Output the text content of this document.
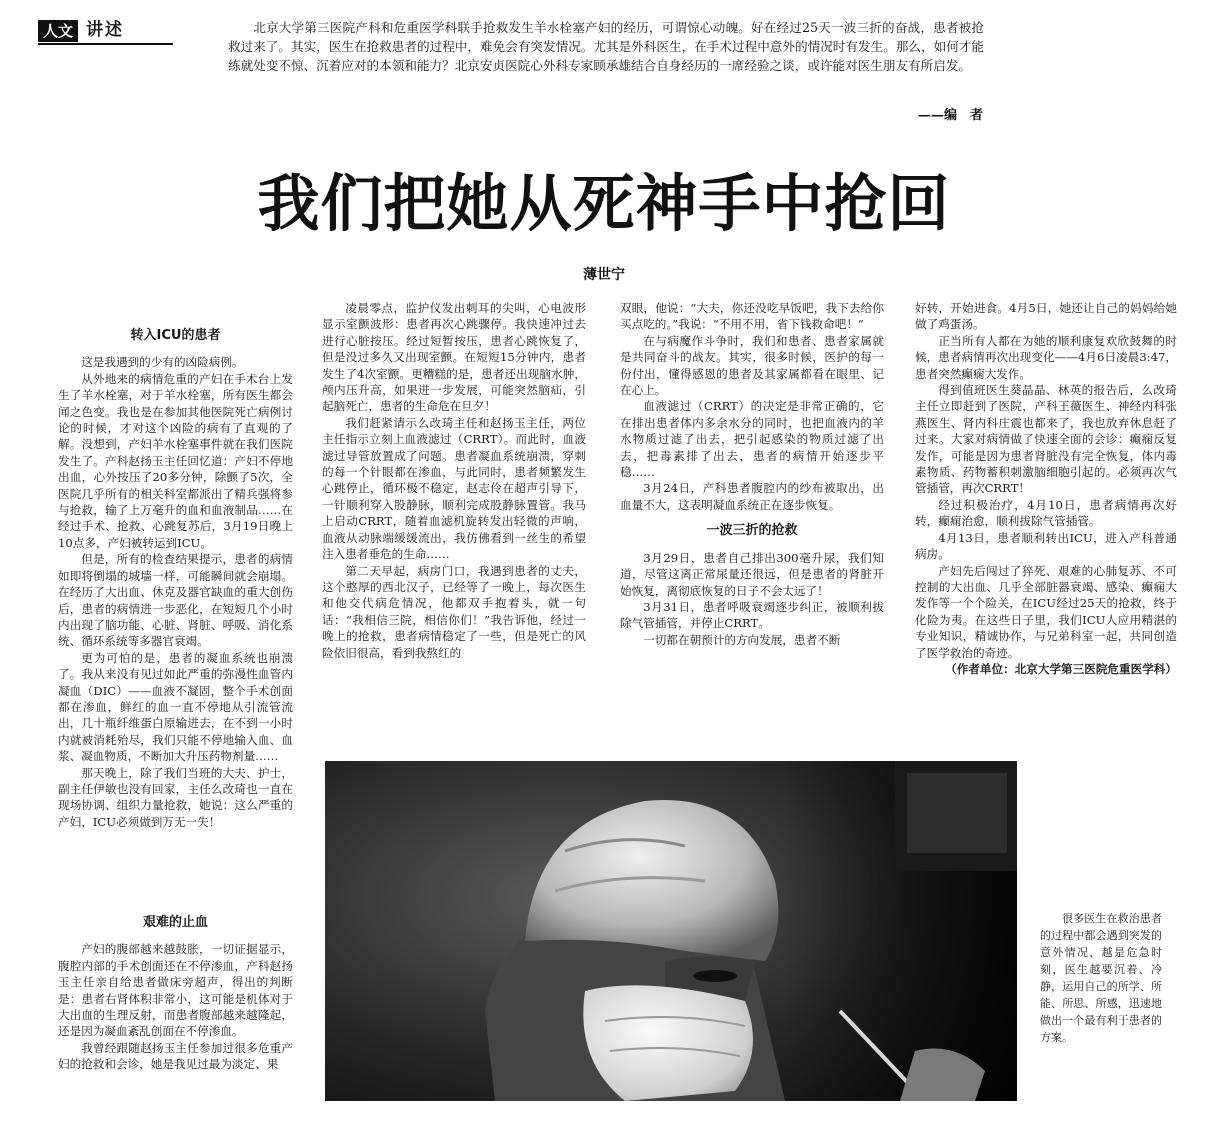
人文 讲述	北京大学第三医院产科和危重医学科联手抢救发生羊水栓塞产妇的经历，可谓惊心动魄。好在经过25天一波三折的奋战，患者被抢救过来了。其实，医生在抢救患者的过程中，难免会有突发情况。尤其是外科医生，在手术过程中意外的情况时有发生。那么，如何才能练就处变不惊、沉着应对的本领和能力？北京安贞医院心外科专家顾承雄结合自身经历的一席经验之谈，或许能对医生朋友有所启发。

——编　者
我们把她从死神手中抢回
薄世宁
转入ICU的患者

这是我遇到的少有的凶险病例。

从外地来的病情危重的产妇在手术台上发生了羊水栓塞，对于羊水栓塞，所有医生都会闻之色变。我也是在参加其他医院死亡病例讨论的时候，才对这个凶险的病有了直观的了解。没想到，产妇羊水栓塞事件就在我们医院发生了。产科赵扬玉主任回忆道：产妇不停地出血，心外按压了20多分钟，除颤了5次，全医院几乎所有的相关科室都派出了精兵强将参与抢救，输了上万毫升的血和血液制品……在经过手术、抢救、心跳复苏后，3月19日晚上10点多，产妇被转运到ICU。

但是，所有的检查结果提示，患者的病情如即将倒塌的城墙一样，可能瞬间就会崩塌。在经历了大出血、休克及器官缺血的重大创伤后，患者的病情进一步恶化，在短短几个小时内出现了脑功能、心脏、肾脏、呼吸、消化系统、循环系统等多器官衰竭。

更为可怕的是，患者的凝血系统也崩溃了。我从来没有见过如此严重的弥漫性血管内凝血（DIC）——血液不凝固，整个手术创面都在渗血，鲜红的血一直不停地从引流管流出，几十瓶纤维蛋白原输进去，在不到一小时内就被消耗殆尽，我们只能不停地输入血、血浆、凝血物质，不断加大升压药物剂量……

那天晚上，除了我们当班的大夫、护士，副主任伊敏也没有回家，主任么改琦也一直在现场协调、组织力量抢救，她说：这么严重的产妇，ICU必须做到万无一失！

艰难的止血

产妇的腹部越来越鼓胀，一切证据显示，腹腔内部的手术创面还在不停渗血，产科赵扬玉主任亲自给患者做床旁超声，得出的判断是：患者右肾体积非常小，这可能是机体对于大出血的生理反射，而患者腹部越来越隆起，还是因为凝血紊乱创面在不停渗血。

我曾经跟随赵扬玉主任参加过很多危重产妇的抢救和会诊，她是我见过最为淡定、果

凌晨零点，监护仪发出刺耳的尖叫，心电波形显示室颤波形：患者再次心跳骤停。我快速冲过去进行心脏按压。经过短暂按压，患者心跳恢复了，但是没过多久又出现室颤。在短短15分钟内，患者发生了4次室颤。更糟糕的是，患者还出现脑水肿，颅内压升高，如果进一步发展，可能突然脑疝，引起脑死亡，患者的生命危在旦夕！

我们赶紧请示么改琦主任和赵扬玉主任，两位主任指示立刻上血液滤过（CRRT）。而此时，血液滤过导管放置成了问题。患者凝血系统崩溃，穿刺的每一个针眼都在渗血，与此同时，患者频繁发生心跳停止，循环极不稳定，赵志伶在超声引导下，一针顺利穿入股静脉，顺利完成股静脉置管。我马上启动CRRT，随着血滤机旋转发出轻微的声响，血液从动脉端缓缓流出，我仿佛看到一丝生的希望注入患者垂危的生命……

第二天早起，病房门口，我遇到患者的丈夫，这个憨厚的西北汉子，已经等了一晚上，每次医生和他交代病危情况，他都双手抱着头，就一句话：“我相信三院，相信你们！”我告诉他，经过一晚上的抢救，患者病情稳定了一些，但是死亡的风险依旧很高，看到我熬红的

双眼，他说：“大夫，你还没吃早饭吧，我下去给你买点吃的。”我说：“不用不用，省下钱救命吧！”

在与病魔作斗争时，我们和患者、患者家属就是共同奋斗的战友。其实，很多时候，医护的每一份付出，懂得感恩的患者及其家属都看在眼里、记在心上。

血液滤过（CRRT）的决定是非常正确的，它在排出患者体内多余水分的同时，也把血液内的羊水物质过滤了出去，把引起感染的物质过滤了出去，把毒素排了出去，患者的病情开始逐步平稳……

3月24日，产科患者腹腔内的纱布被取出，出血量不大，这表明凝血系统正在逐步恢复。

一波三折的抢救

3月29日，患者自己排出300毫升尿，我们知道，尽管这离正常尿量还很远，但是患者的肾脏开始恢复，离彻底恢复的日子不会太远了！

3月31日，患者呼吸衰竭逐步纠正，被顺利拔除气管插管，并停止CRRT。

一切都在朝预计的方向发展，患者不断

好转，开始进食。4月5日，她还让自己的妈妈给她做了鸡蛋汤。

正当所有人都在为她的顺利康复欢欣鼓舞的时候，患者病情再次出现变化——4月6日凌晨3:47，患者突然癫痫大发作。

得到值班医生葵晶晶、林英的报告后，么改琦主任立即赶到了医院，产科王薇医生、神经内科张燕医生、肾内科庄震也都来了，我也放弃休息赶了过来。大家对病情做了快速全面的会诊：癫痫反复发作，可能是因为患者肾脏没有完全恢复，体内毒素物质、药物蓄积刺激脑细胞引起的。必须再次气管插管，再次CRRT！

经过积极治疗，4月10日，患者病情再次好转，癫痫治愈，顺利拔除气管插管。

4月13日，患者顺利转出ICU，进入产科普通病房。

产妇先后闯过了猝死、艰难的心肺复苏、不可控制的大出血、几乎全部脏器衰竭、感染、癫痫大发作等一个个险关，在ICU经过25天的抢救，终于化险为夷。在这些日子里，我们ICU人应用精湛的专业知识，精诚协作，与兄弟科室一起，共同创造了医学救治的奇迹。

（作者单位：北京大学第三医院危重医学科）

很多医生在救治患者的过程中都会遇到突发的意外情况，越是危急时刻，医生越要沉着、冷静，运用自己的所学、所能、所思、所感，迅速地做出一个最有利于患者的方案。
